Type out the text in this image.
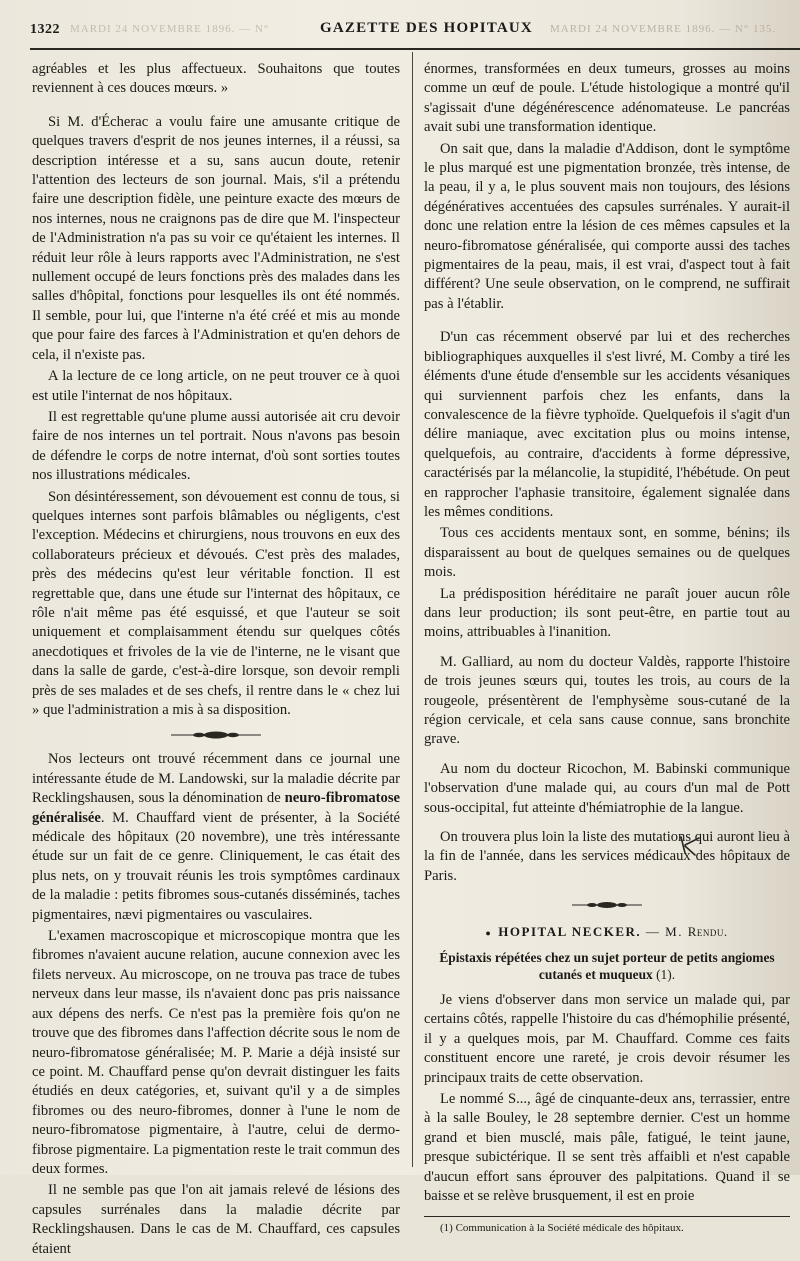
1322 MARDI 24 NOVEMBRE 1896. — N°	GAZETTE DES HOPITAUX MARDI 24 NOVEMBRE 1896. — N° 135.

agréables et les plus affectueux. Souhaitons que toutes reviennent à ces douces mœurs. »

Si M. d'Écherac a voulu faire une amusante critique de quelques travers d'esprit de nos jeunes internes, il a réussi, sa description intéresse et a su, sans aucun doute, retenir l'attention des lecteurs de son journal. Mais, s'il a prétendu faire une description fidèle, une peinture exacte des mœurs de nos internes, nous ne craignons pas de dire que M. l'inspecteur de l'Administration n'a pas su voir ce qu'étaient les internes. Il réduit leur rôle à leurs rapports avec l'Administration, ne s'est nullement occupé de leurs fonctions près des malades dans les salles d'hôpital, fonctions pour lesquelles ils ont été nommés. Il semble, pour lui, que l'interne n'a été créé et mis au monde que pour faire des farces à l'Administration et qu'en dehors de cela, il n'existe pas.

A la lecture de ce long article, on ne peut trouver ce à quoi est utile l'internat de nos hôpitaux.

Il est regrettable qu'une plume aussi autorisée ait cru devoir faire de nos internes un tel portrait. Nous n'avons pas besoin de défendre le corps de notre internat, d'où sont sorties toutes nos illustrations médicales.

Son désintéressement, son dévouement est connu de tous, si quelques internes sont parfois blâmables ou négligents, c'est l'exception. Médecins et chirurgiens, nous trouvons en eux des collaborateurs précieux et dévoués. C'est près des malades, près des médecins qu'est leur véritable fonction. Il est regrettable que, dans une étude sur l'internat des hôpitaux, ce rôle n'ait même pas été esquissé, et que l'auteur se soit uniquement et complaisamment étendu sur quelques côtés anecdotiques et frivoles de la vie de l'interne, ne le visant que dans la salle de garde, c'est-à-dire lorsque, son devoir rempli près de ses malades et de ses chefs, il rentre dans le « chez lui » que l'administration a mis à sa disposition.

Nos lecteurs ont trouvé récemment dans ce journal une intéressante étude de M. Landowski, sur la maladie décrite par Recklingshausen, sous la dénomination de neuro-fibromatose généralisée. M. Chauffard vient de présenter, à la Société médicale des hôpitaux (20 novembre), une très intéressante étude sur un fait de ce genre. Cliniquement, le cas était des plus nets, on y trouvait réunis les trois symptômes cardinaux de la maladie : petits fibromes sous-cutanés disséminés, taches pigmentaires, nævi pigmentaires ou vasculaires.

L'examen macroscopique et microscopique montra que les fibromes n'avaient aucune relation, aucune connexion avec les filets nerveux. Au microscope, on ne trouva pas trace de tubes nerveux dans leur masse, ils n'avaient donc pas pris naissance aux dépens des nerfs. Ce n'est pas la première fois qu'on ne trouve que des fibromes dans l'affection décrite sous le nom de neuro-fibromatose généralisée; M. P. Marie a déjà insisté sur ce point. M. Chauffard pense qu'on devrait distinguer les faits étudiés en deux catégories, et, suivant qu'il y a de simples fibromes ou des neuro-fibromes, donner à l'une le nom de neuro-fibromatose pigmentaire, à l'autre, celui de dermo-fibrose pigmentaire. La pigmentation reste le trait commun des deux formes.

Il ne semble pas que l'on ait jamais relevé de lésions des capsules surrénales dans la maladie décrite par Recklingshausen. Dans le cas de M. Chauffard, ces capsules étaient

énormes, transformées en deux tumeurs, grosses au moins comme un œuf de poule. L'étude histologique a montré qu'il s'agissait d'une dégénérescence adénomateuse. Le pancréas avait subi une transformation identique.

On sait que, dans la maladie d'Addison, dont le symptôme le plus marqué est une pigmentation bronzée, très intense, de la peau, il y a, le plus souvent mais non toujours, des lésions dégénératives accentuées des capsules surrénales. Y aurait-il donc une relation entre la lésion de ces mêmes capsules et la neuro-fibromatose généralisée, qui comporte aussi des taches pigmentaires de la peau, mais, il est vrai, d'aspect tout à fait différent? Une seule observation, on le comprend, ne suffirait pas à l'établir.

D'un cas récemment observé par lui et des recherches bibliographiques auxquelles il s'est livré, M. Comby a tiré les éléments d'une étude d'ensemble sur les accidents vésaniques qui surviennent parfois chez les enfants, dans la convalescence de la fièvre typhoïde. Quelquefois il s'agit d'un délire maniaque, avec excitation plus ou moins intense, quelquefois, au contraire, d'accidents à forme dépressive, caractérisés par la mélancolie, la stupidité, l'hébétude. On peut en rapprocher l'aphasie transitoire, également signalée dans les mêmes conditions.

Tous ces accidents mentaux sont, en somme, bénins; ils disparaissent au bout de quelques semaines ou de quelques mois.

La prédisposition héréditaire ne paraît jouer aucun rôle dans leur production; ils sont peut-être, en partie tout au moins, attribuables à l'inanition.

M. Galliard, au nom du docteur Valdès, rapporte l'histoire de trois jeunes sœurs qui, toutes les trois, au cours de la rougeole, présentèrent de l'emphysème sous-cutané de la région cervicale, et cela sans cause connue, sans bronchite grave.

Au nom du docteur Ricochon, M. Babinski communique l'observation d'une malade qui, au cours d'un mal de Pott sous-occipital, fut atteinte d'hémiatrophie de la langue.

On trouvera plus loin la liste des mutations qui auront lieu à la fin de l'année, dans les services médicaux des hôpitaux de Paris.

● HOPITAL NECKER. — M. Rendu.
Épistaxis répétées chez un sujet porteur de petits angiomes cutanés et muqueux (1).

Je viens d'observer dans mon service un malade qui, par certains côtés, rappelle l'histoire du cas d'hémophilie présenté, il y a quelques mois, par M. Chauffard. Comme ces faits constituent encore une rareté, je crois devoir résumer les principaux traits de cette observation.

Le nommé S..., âgé de cinquante-deux ans, terrassier, entre à la salle Bouley, le 28 septembre dernier. C'est un homme grand et bien musclé, mais pâle, fatigué, le teint jaune, presque subictérique. Il se sent très affaibli et n'est capable d'aucun effort sans éprouver des palpitations. Quand il se baisse et se relève brusquement, il est en proie

(1) Communication à la Société médicale des hôpitaux.
